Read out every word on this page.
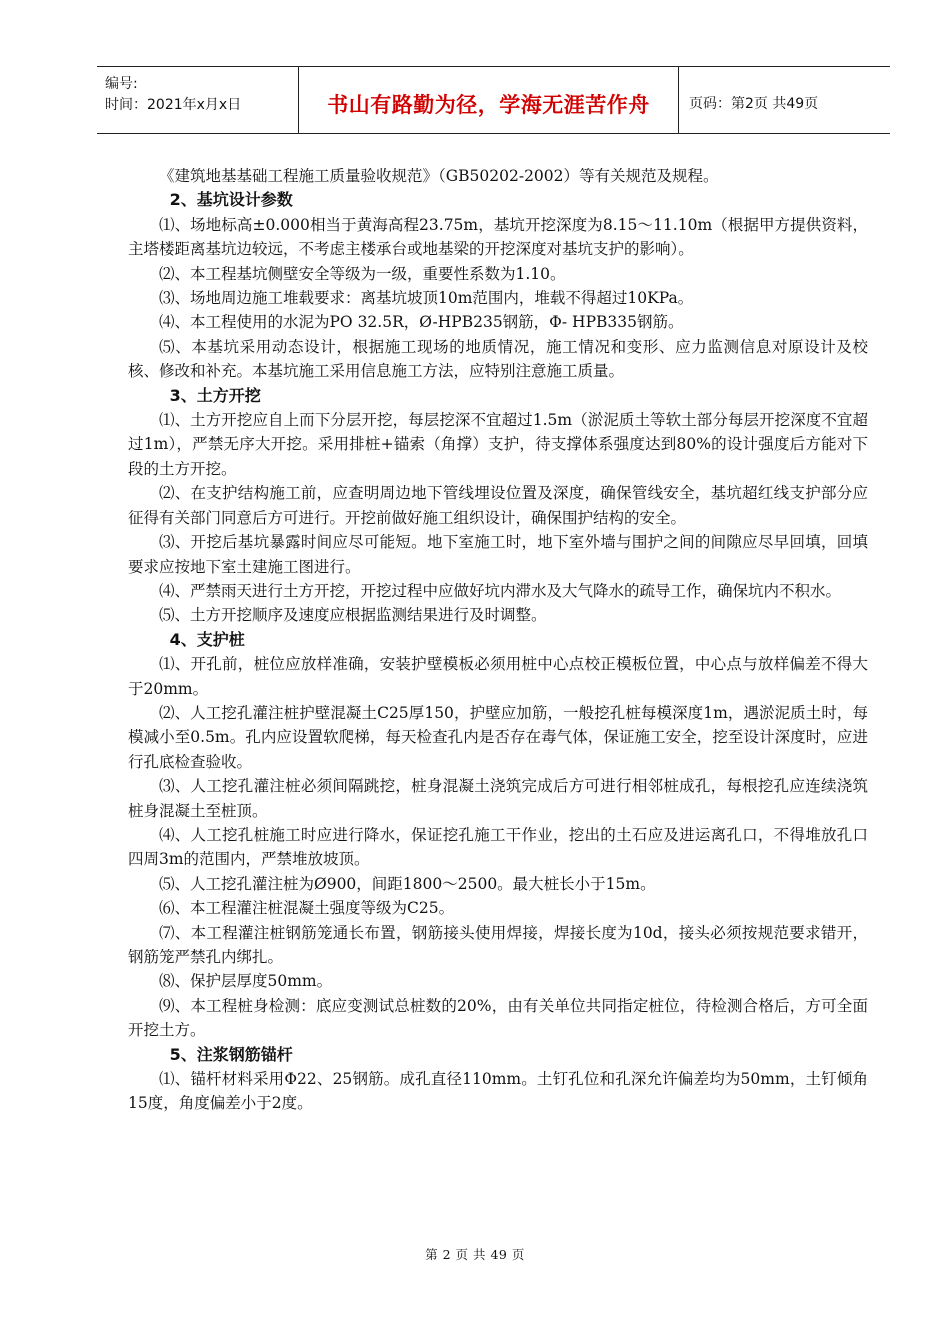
编号:
时间：2021年x月x日	书山有路勤为径，学海无涯苦作舟	页码：第2页 共49页

《建筑地基基础工程施工质量验收规范》（GB50202-2002）等有关规范及规程。

2、基坑设计参数

⑴、场地标高±0.000相当于黄海高程23.75m，基坑开挖深度为8.15～11.10m（根据甲方提供资料，主塔楼距离基坑边较远，不考虑主楼承台或地基梁的开挖深度对基坑支护的影响）。

⑵、本工程基坑侧壁安全等级为一级，重要性系数为1.10。

⑶、场地周边施工堆载要求：离基坑坡顶10m范围内，堆载不得超过10KPa。

⑷、本工程使用的水泥为PO 32.5R，Ø-HPB235钢筋，Φ- HPB335钢筋。

⑸、本基坑采用动态设计，根据施工现场的地质情况，施工情况和变形、应力监测信息对原设计及校核、修改和补充。本基坑施工采用信息施工方法，应特别注意施工质量。

3、土方开挖

⑴、土方开挖应自上而下分层开挖，每层挖深不宜超过1.5m（淤泥质土等软土部分每层开挖深度不宜超过1m），严禁无序大开挖。采用排桩+锚索（角撑）支护，待支撑体系强度达到80%的设计强度后方能对下段的土方开挖。

⑵、在支护结构施工前，应查明周边地下管线埋设位置及深度，确保管线安全，基坑超红线支护部分应征得有关部门同意后方可进行。开挖前做好施工组织设计，确保围护结构的安全。

⑶、开挖后基坑暴露时间应尽可能短。地下室施工时，地下室外墙与围护之间的间隙应尽早回填，回填要求应按地下室土建施工图进行。

⑷、严禁雨天进行土方开挖，开挖过程中应做好坑内滞水及大气降水的疏导工作，确保坑内不积水。

⑸、土方开挖顺序及速度应根据监测结果进行及时调整。

4、支护桩

⑴、开孔前，桩位应放样准确，安装护壁模板必须用桩中心点校正模板位置，中心点与放样偏差不得大于20mm。

⑵、人工挖孔灌注桩护壁混凝土C25厚150，护壁应加筋，一般挖孔桩每模深度1m，遇淤泥质土时，每模减小至0.5m。孔内应设置软爬梯，每天检查孔内是否存在毒气体，保证施工安全，挖至设计深度时，应进行孔底检查验收。

⑶、人工挖孔灌注桩必须间隔跳挖，桩身混凝土浇筑完成后方可进行相邻桩成孔，每根挖孔应连续浇筑桩身混凝土至桩顶。

⑷、人工挖孔桩施工时应进行降水，保证挖孔施工干作业，挖出的土石应及进运离孔口，不得堆放孔口四周3m的范围内，严禁堆放坡顶。

⑸、人工挖孔灌注桩为Ø900，间距1800～2500。最大桩长小于15m。

⑹、本工程灌注桩混凝土强度等级为C25。

⑺、本工程灌注桩钢筋笼通长布置，钢筋接头使用焊接，焊接长度为10d，接头必须按规范要求错开，钢筋笼严禁孔内绑扎。

⑻、保护层厚度50mm。

⑼、本工程桩身检测：底应变测试总桩数的20%，由有关单位共同指定桩位，待检测合格后，方可全面开挖土方。

5、注浆钢筋锚杆

⑴、锚杆材料采用Φ22、25钢筋。成孔直径110mm。土钉孔位和孔深允许偏差均为50mm，土钉倾角15度，角度偏差小于2度。

第 2 页 共 49 页
